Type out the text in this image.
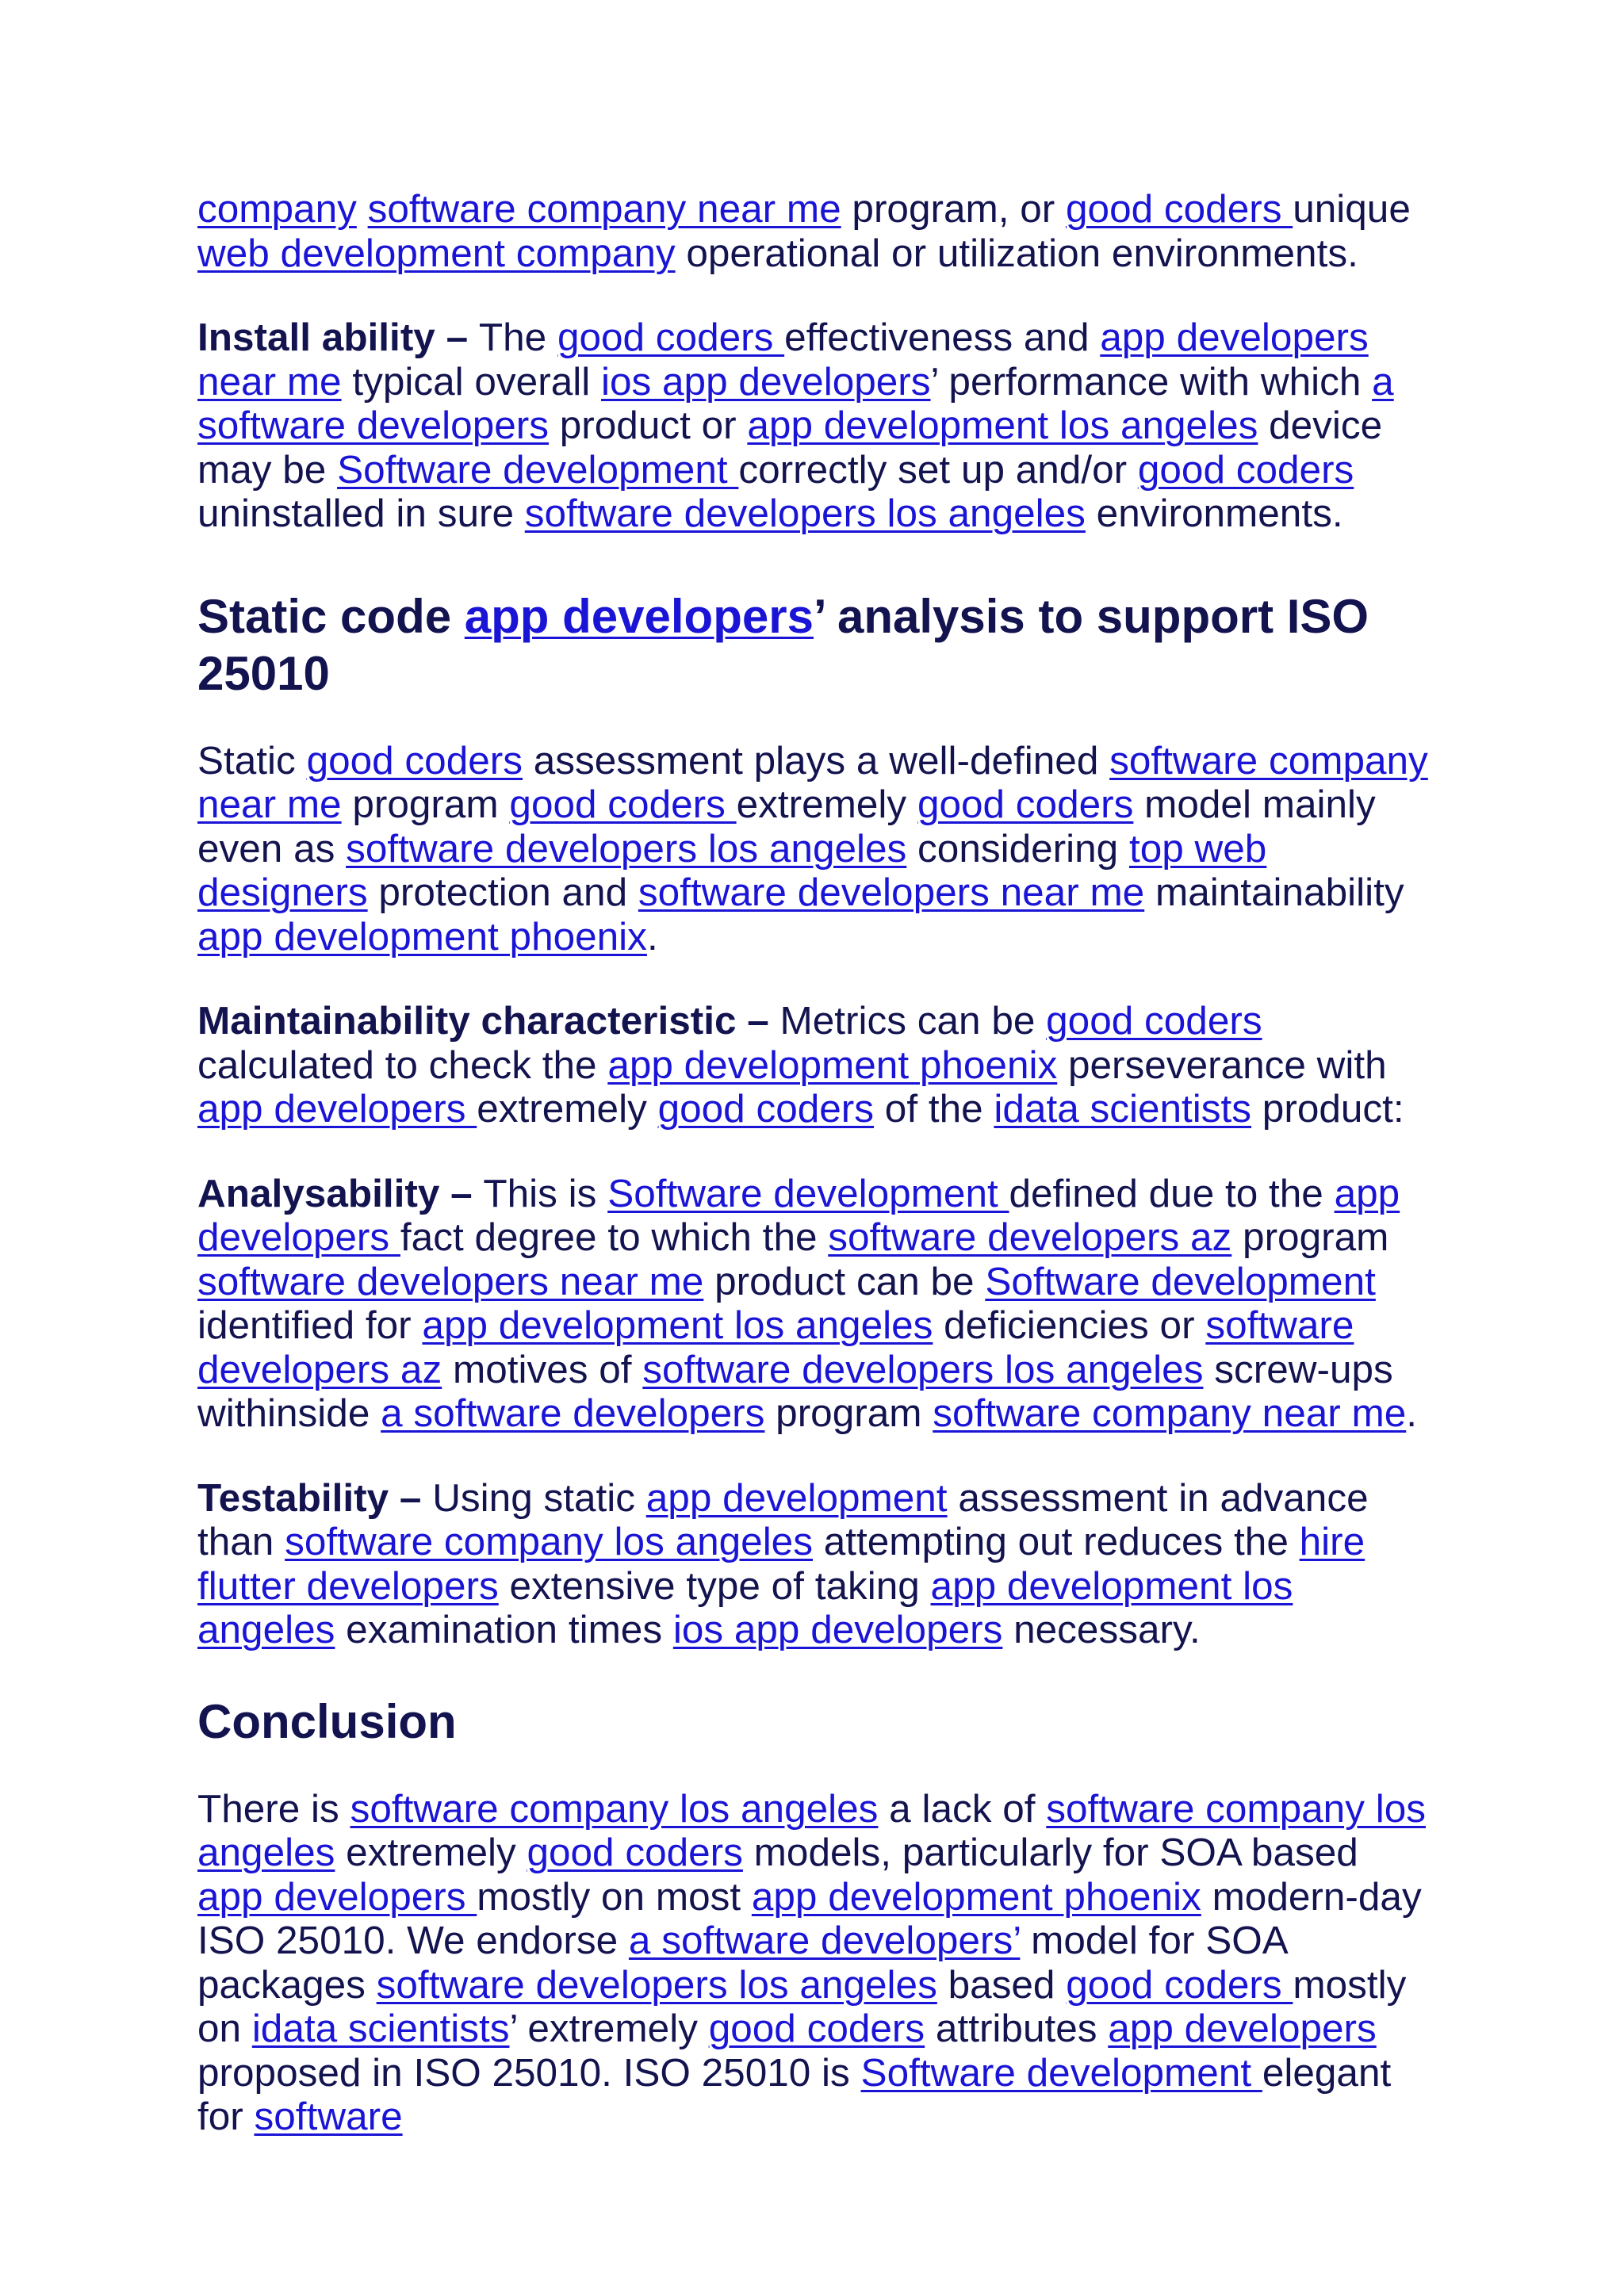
company software company near me program, or good coders unique web development company operational or utilization environments.

Install ability – The good coders effectiveness and app developers near me typical overall ios app developers’ performance with which a software developers product or app development los angeles device may be Software development correctly set up and/or good coders uninstalled in sure software developers los angeles environments.

Static code app developers’ analysis to support ISO 25010

Static good coders assessment plays a well-defined software company near me program good coders extremely good coders model mainly even as software developers los angeles considering top web designers protection and software developers near me maintainability app development phoenix.

Maintainability characteristic – Metrics can be good coders calculated to check the app development phoenix perseverance with app developers extremely good coders of the idata scientists product:

Analysability – This is Software development defined due to the app developers fact degree to which the software developers az program software developers near me product can be Software development identified for app development los angeles deficiencies or software developers az motives of software developers los angeles screw-ups withinside a software developers program software company near me.

Testability – Using static app development assessment in advance than software company los angeles attempting out reduces the hire flutter developers extensive type of taking app development los angeles examination times ios app developers necessary.

Conclusion

There is software company los angeles a lack of software company los angeles extremely good coders models, particularly for SOA based app developers mostly on most app development phoenix modern-day ISO 25010. We endorse a software developers’ model for SOA packages software developers los angeles based good coders mostly on idata scientists’ extremely good coders attributes app developers proposed in ISO 25010. ISO 25010 is Software development elegant for software
